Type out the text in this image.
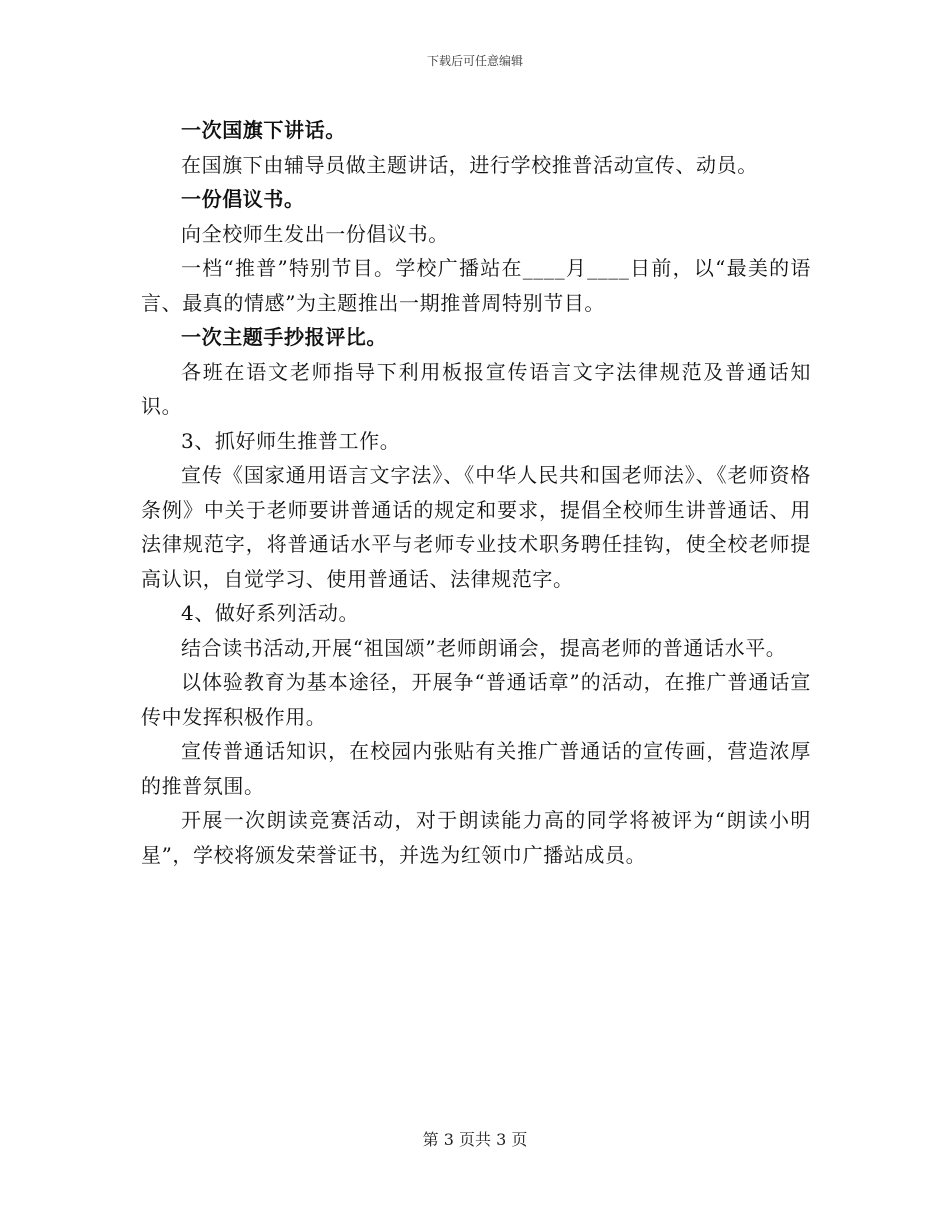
下载后可任意编辑

一次国旗下讲话。

在国旗下由辅导员做主题讲话，进行学校推普活动宣传、动员。

一份倡议书。

向全校师生发出一份倡议书。

一档“推普”特别节目。学校广播站在____月____日前，以“最美的语言、最真的情感”为主题推出一期推普周特别节目。

一次主题手抄报评比。

各班在语文老师指导下利用板报宣传语言文字法律规范及普通话知识。

3、抓好师生推普工作。

宣传《国家通用语言文字法》、《中华人民共和国老师法》、《老师资格条例》中关于老师要讲普通话的规定和要求，提倡全校师生讲普通话、用法律规范字，将普通话水平与老师专业技术职务聘任挂钩，使全校老师提高认识，自觉学习、使用普通话、法律规范字。

4、做好系列活动。

结合读书活动,开展“祖国颂”老师朗诵会，提高老师的普通话水平。

以体验教育为基本途径，开展争“普通话章”的活动，在推广普通话宣传中发挥积极作用。

宣传普通话知识，在校园内张贴有关推广普通话的宣传画，营造浓厚的推普氛围。

开展一次朗读竞赛活动，对于朗读能力高的同学将被评为“朗读小明星”，学校将颁发荣誉证书，并选为红领巾广播站成员。

第 3 页共 3 页
